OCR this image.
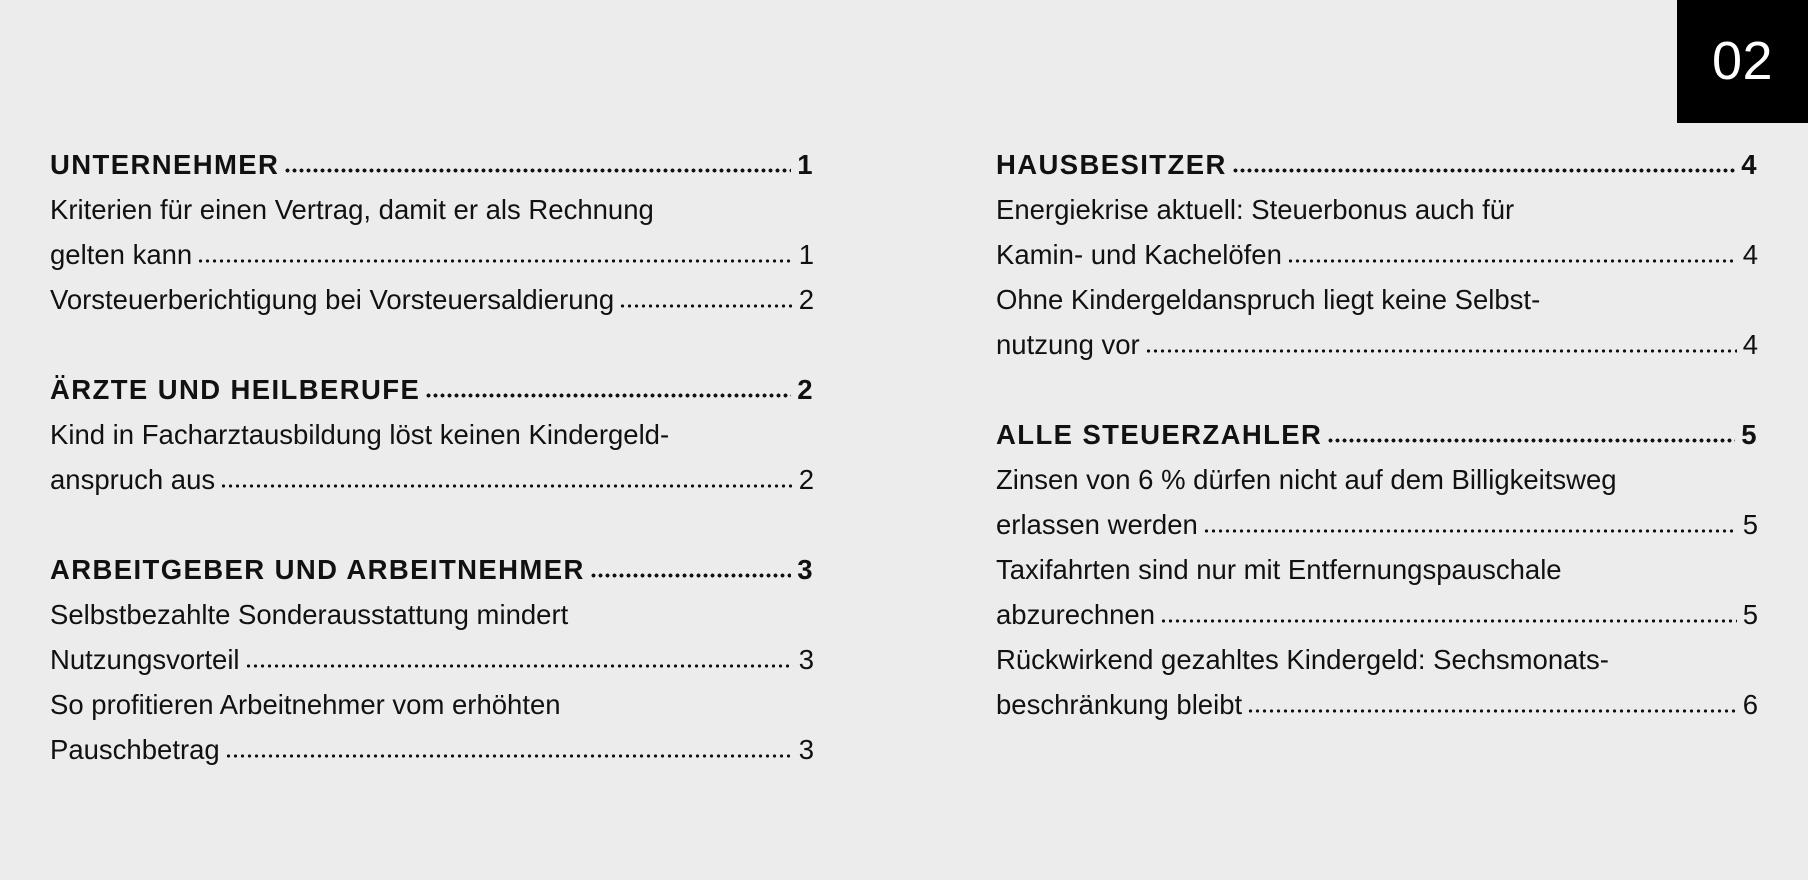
02
UNTERNEHMER	1
Kriterien für einen Vertrag, damit er als Rechnung
gelten kann	1
Vorsteuerberichtigung bei Vorsteuersaldierung	2
ÄRZTE UND HEILBERUFE	2
Kind in Facharztausbildung löst keinen Kindergeld-
anspruch aus	2
ARBEITGEBER UND ARBEITNEHMER	3
Selbstbezahlte Sonderausstattung mindert
Nutzungsvorteil	3
So profitieren Arbeitnehmer vom erhöhten
Pauschbetrag	3
HAUSBESITZER	4
Energiekrise aktuell: Steuerbonus auch für
Kamin- und Kachelöfen	4
Ohne Kindergeldanspruch liegt keine Selbst-
nutzung vor	4
ALLE STEUERZAHLER	5
Zinsen von 6 % dürfen nicht auf dem Billigkeitsweg
erlassen werden	5
Taxifahrten sind nur mit Entfernungspauschale
abzurechnen	5
Rückwirkend gezahltes Kindergeld: Sechsmonats-
beschränkung bleibt	6
